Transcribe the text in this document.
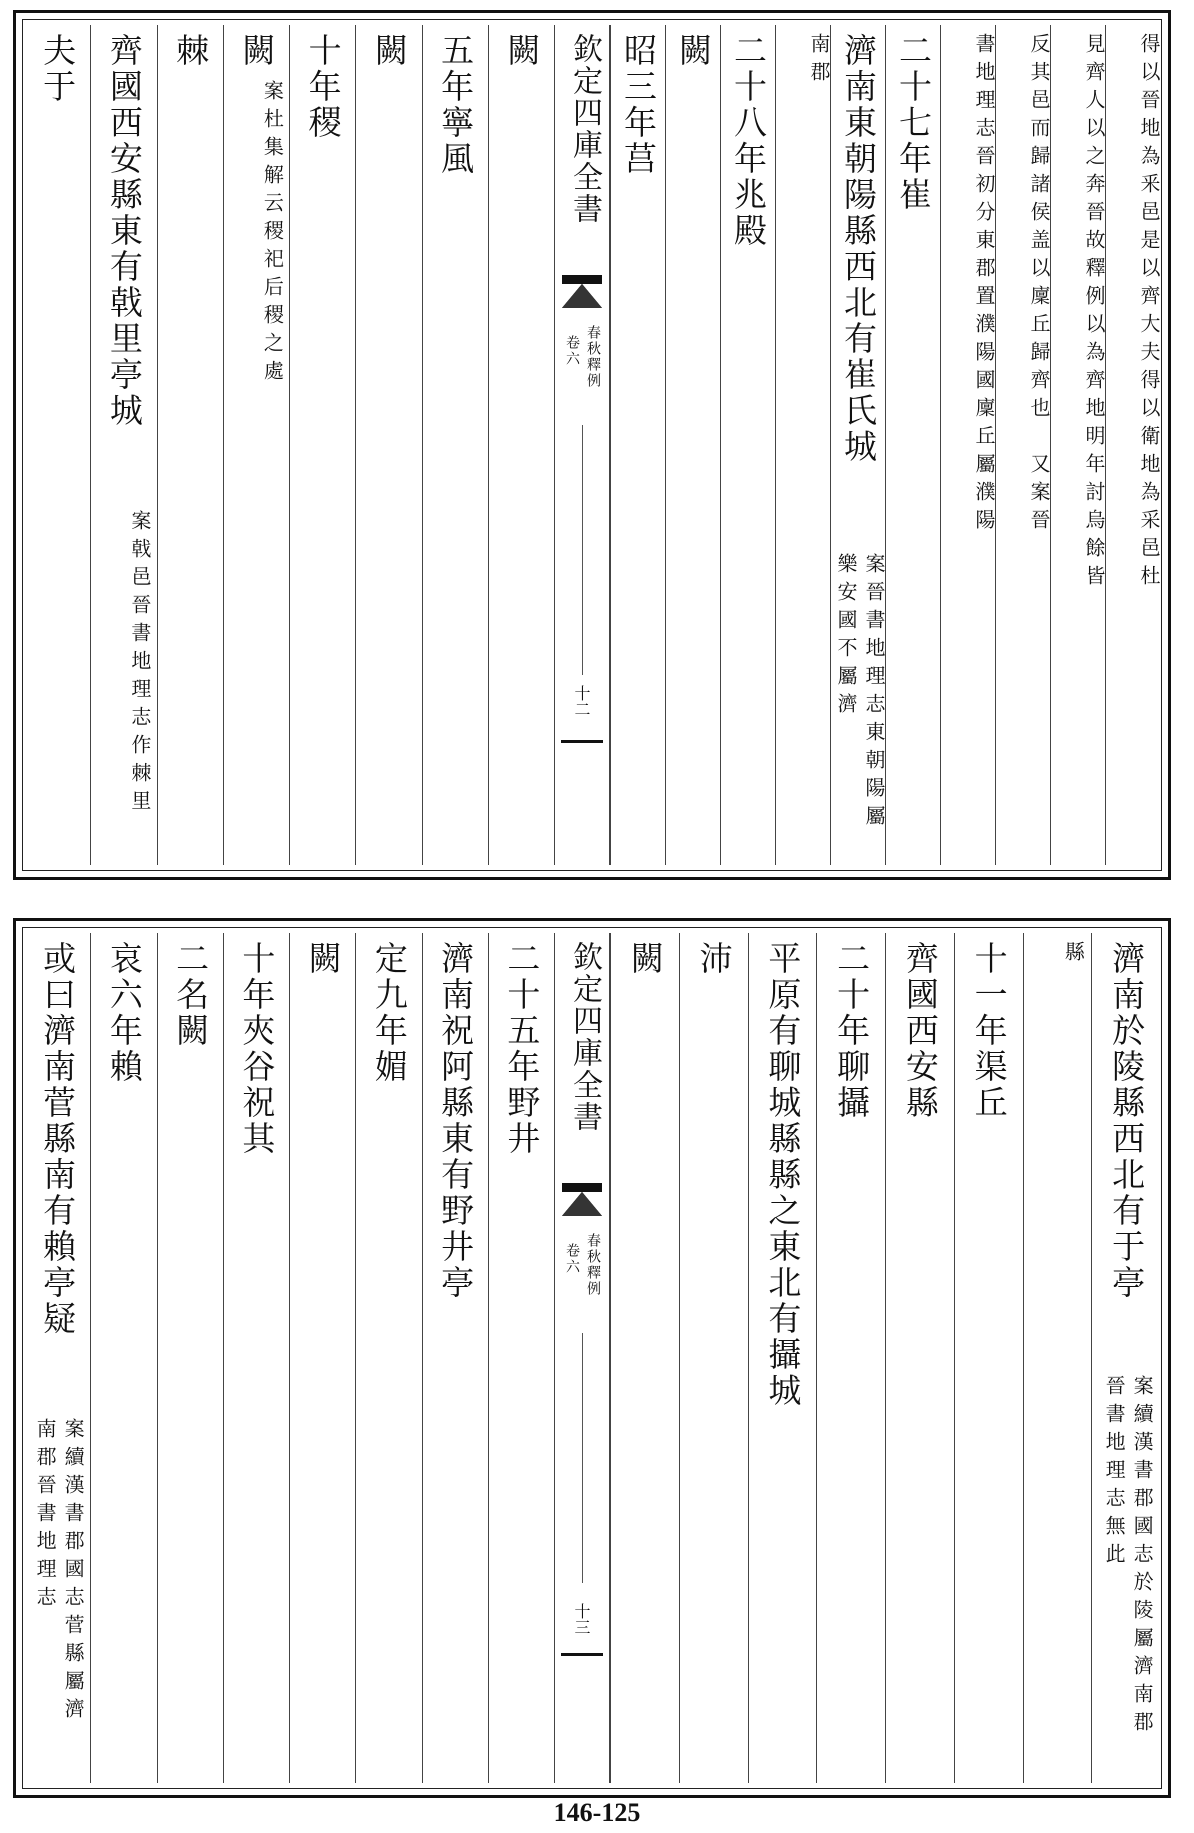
得以晉地為釆邑是以齊大夫得以衛地為采邑杜
見齊人以之奔晉故釋例以為齊地明年討烏餘皆
反其邑而歸諸侯盖以廩丘歸齊也　又案晉
書地理志晉初分東郡置濮陽國廩丘屬濮陽
二十七年崔
濟南東朝陽縣西北有崔氏城
案晉書地理志東朝陽屬樂安國不屬濟
南郡
二十八年兆殿
闕
昭三年莒
闕
五年寧風
闕
十年稷
闕
案杜集解云稷祀后稷之處
棘
齊國西安縣東有戟里亭城
案戟邑晉書地理志作棘里
夫于	欽定四庫全書
春秋釋例
卷六
十二
濟南於陵縣西北有于亭
案續漢書郡國志於陵屬濟南郡晉書地理志無此
縣
十一年渠丘
齊國西安縣
二十年聊攝
平原有聊城縣縣之東北有攝城
沛
闕
二十五年野井
濟南祝阿縣東有野井亭
定九年媚
闕
十年夾谷祝其
二名闕
哀六年賴
或曰濟南菅縣南有賴亭疑
案續漢書郡國志菅縣屬濟南郡晉書地理志
欽定四庫全書
春秋釋例
卷六
十三
146-125
